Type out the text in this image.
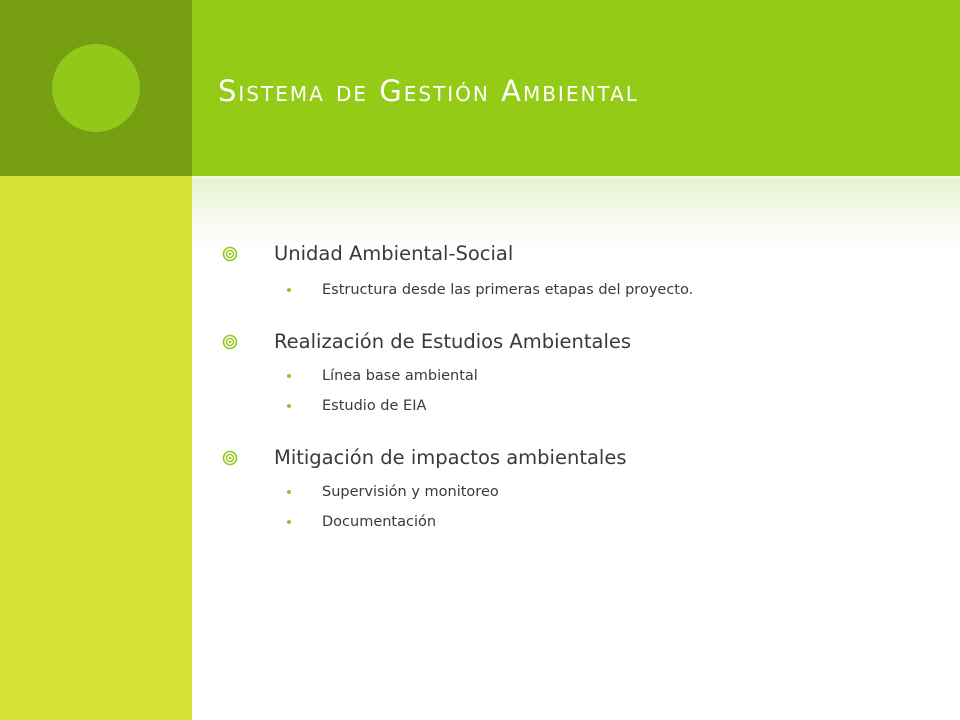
Sistema de Gestión Ambiental
Unidad Ambiental-Social
Estructura desde las primeras etapas del proyecto.
Realización de Estudios Ambientales
Línea base ambiental
Estudio de EIA
Mitigación de impactos ambientales
Supervisión y monitoreo
Documentación
